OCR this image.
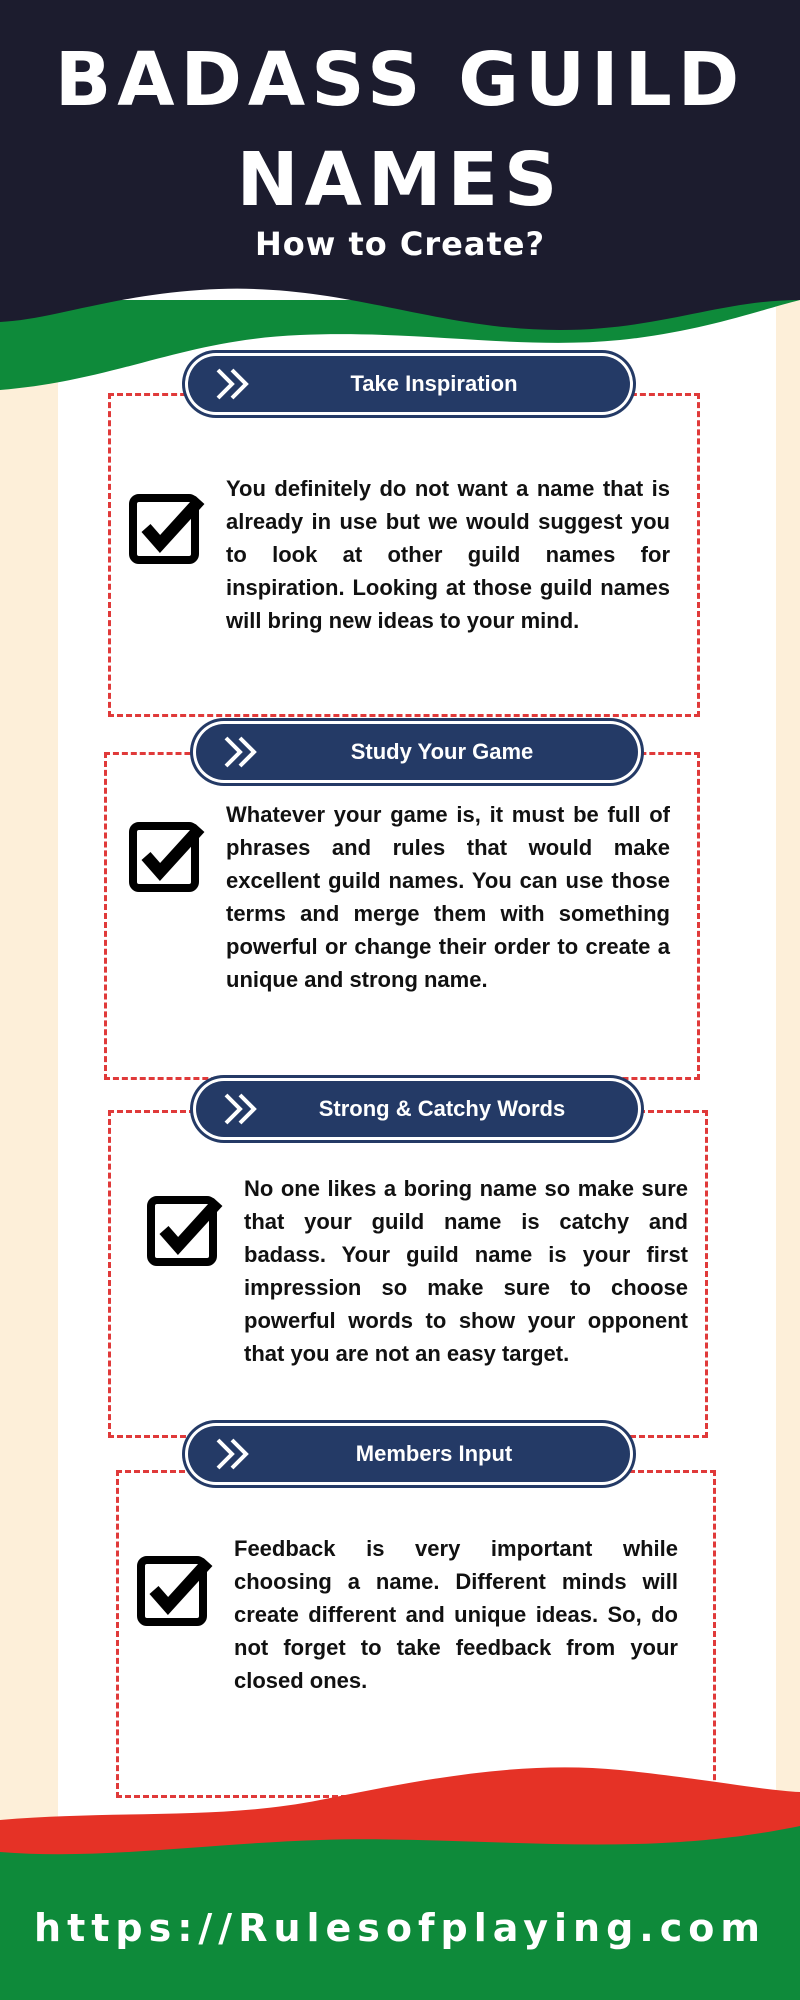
BADASS GUILD NAMES
How to Create?
Take Inspiration

You definitely do not want a name that is already in use but we would suggest you to look at other guild names for inspiration. Looking at those guild names will bring new ideas to your mind.

Study Your Game

Whatever your game is, it must be full of phrases and rules that would make excellent guild names. You can use those terms and merge them with something powerful or change their order to create a unique and strong name.

Strong & Catchy Words

No one likes a boring name so make sure that your guild name is catchy and badass. Your guild name is your first impression so make sure to choose powerful words to show your opponent that you are not an easy target.

Members Input

Feedback is very important while choosing a name. Different minds will create different and unique ideas. So, do not forget to take feedback from your closed ones.

https://Rulesofplaying.com
